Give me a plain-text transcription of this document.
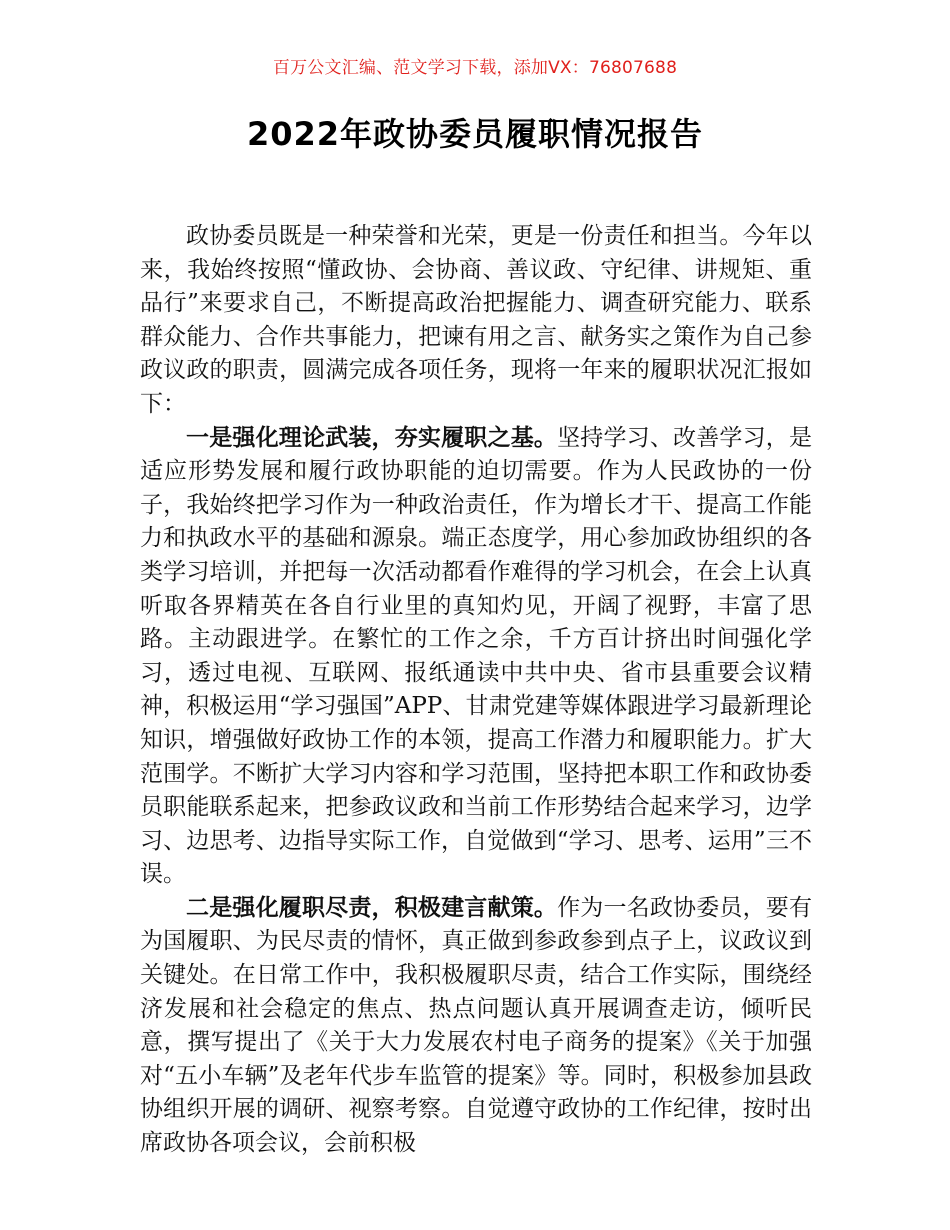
百万公文汇编、范文学习下载，添加VX：76807688
2022年政协委员履职情况报告

政协委员既是一种荣誉和光荣，更是一份责任和担当。今年以来，我始终按照“懂政协、会协商、善议政、守纪律、讲规矩、重品行”来要求自己，不断提高政治把握能力、调查研究能力、联系群众能力、合作共事能力，把谏有用之言、献务实之策作为自己参政议政的职责，圆满完成各项任务，现将一年来的履职状况汇报如下：

一是强化理论武装，夯实履职之基。坚持学习、改善学习，是适应形势发展和履行政协职能的迫切需要。作为人民政协的一份子，我始终把学习作为一种政治责任，作为增长才干、提高工作能力和执政水平的基础和源泉。端正态度学，用心参加政协组织的各类学习培训，并把每一次活动都看作难得的学习机会，在会上认真听取各界精英在各自行业里的真知灼见，开阔了视野，丰富了思路。主动跟进学。在繁忙的工作之余，千方百计挤出时间强化学习，透过电视、互联网、报纸通读中共中央、省市县重要会议精神，积极运用“学习强国”APP、甘肃党建等媒体跟进学习最新理论知识，增强做好政协工作的本领，提高工作潜力和履职能力。扩大范围学。不断扩大学习内容和学习范围，坚持把本职工作和政协委员职能联系起来，把参政议政和当前工作形势结合起来学习，边学习、边思考、边指导实际工作，自觉做到“学习、思考、运用”三不误。

二是强化履职尽责，积极建言献策。作为一名政协委员，要有为国履职、为民尽责的情怀，真正做到参政参到点子上，议政议到关键处。在日常工作中，我积极履职尽责，结合工作实际，围绕经济发展和社会稳定的焦点、热点问题认真开展调查走访，倾听民意，撰写提出了《关于大力发展农村电子商务的提案》《关于加强对“五小车辆”及老年代步车监管的提案》等。同时，积极参加县政协组织开展的调研、视察考察。自觉遵守政协的工作纪律，按时出席政协各项会议，会前积极
